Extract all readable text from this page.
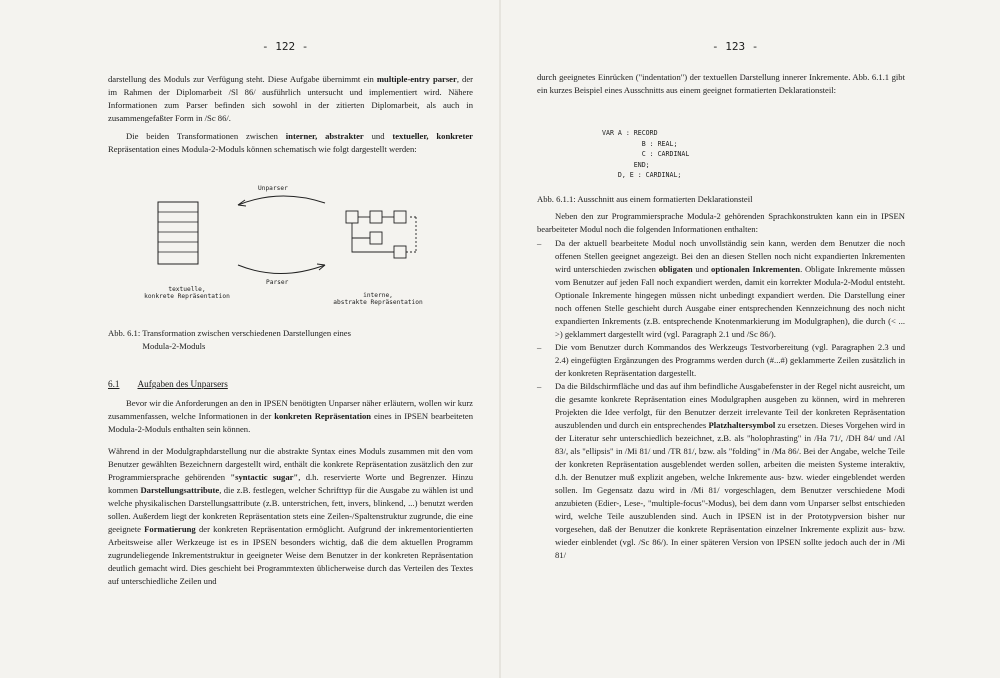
- 122 -

darstellung des Moduls zur Verfügung steht. Diese Aufgabe übernimmt ein multiple-entry parser, der im Rahmen der Diplomarbeit /Sl 86/ ausführlich untersucht und implementiert wird. Nähere Informationen zum Parser befinden sich sowohl in der zitierten Diplomarbeit, als auch in zusammengefaßter Form in /Sc 86/.

Die beiden Transformationen zwischen interner, abstrakter und textueller, konkreter Repräsentation eines Modula-2-Moduls können schematisch wie folgt dargestellt werden:

Unparser
Parser
textuelle,
konkrete Repräsentation	interne,
abstrakte Repräsentation
Abb. 6.1: Transformation zwischen verschiedenen Darstellungen eines
Modula-2-Moduls
6.1 Aufgaben des Unparsers

Bevor wir die Anforderungen an den in IPSEN benötigten Unparser näher erläutern, wollen wir kurz zusammenfassen, welche Informationen in der konkreten Repräsentation eines in IPSEN bearbeiteten Modula-2-Moduls enthalten sein können.

Während in der Modulgraphdarstellung nur die abstrakte Syntax eines Moduls zusammen mit den vom Benutzer gewählten Bezeichnern dargestellt wird, enthält die konkrete Repräsentation zusätzlich den zur Programmiersprache gehörenden "syntactic sugar", d.h. reservierte Worte und Begrenzer. Hinzu kommen Darstellungsattribute, die z.B. festlegen, welcher Schrifttyp für die Ausgabe zu wählen ist und welche physikalischen Darstellungsattribute (z.B. unterstrichen, fett, invers, blinkend, ...) benutzt werden sollen. Außerdem liegt der konkreten Repräsentation stets eine Zeilen-/Spaltenstruktur zugrunde, die eine geeignete Formatierung der konkreten Repräsentation ermöglicht. Aufgrund der inkrementorientierten Arbeitsweise aller Werkzeuge ist es in IPSEN besonders wichtig, daß die dem aktuellen Programm zugrundeliegende Inkrementstruktur in geeigneter Weise dem Benutzer in der konkreten Repräsentation deutlich gemacht wird. Dies geschieht bei Programmtexten üblicherweise durch das Verteilen des Textes auf unterschiedliche Zeilen und

- 123 -

durch geeignetes Einrücken ("indentation") der textuellen Darstellung innerer Inkremente. Abb. 6.1.1 gibt ein kurzes Beispiel eines Ausschnitts aus einem geeignet formatierten Deklarationsteil:

VAR A : RECORD
B : REAL;
C : CARDINAL
END;
D, E : CARDINAL;
Abb. 6.1.1: Ausschnitt aus einem formatierten Deklarationsteil

Neben den zur Programmiersprache Modula-2 gehörenden Sprachkonstrukten kann ein in IPSEN bearbeiteter Modul noch die folgenden Informationen enthalten:

– Da der aktuell bearbeitete Modul noch unvollständig sein kann, werden dem Benutzer die noch offenen Stellen geeignet angezeigt. Bei den an diesen Stellen noch nicht expandierten Inkrementen wird unterschieden zwischen obligaten und optionalen Inkrementen. Obligate Inkremente müssen vom Benutzer auf jeden Fall noch expandiert werden, damit ein korrekter Modula-2-Modul entsteht. Optionale Inkremente hingegen müssen nicht unbedingt expandiert werden. Die Darstellung einer noch offenen Stelle geschieht durch Ausgabe einer entsprechenden Kennzeichnung des noch nicht expandierten Inkrements (z.B. entsprechende Knotenmarkierung im Modulgraphen), die durch (< ... >) geklammert dargestellt wird (vgl. Paragraph 2.1 und /Sc 86/).
– Die vom Benutzer durch Kommandos des Werkzeugs Testvorbereitung (vgl. Paragraphen 2.3 und 2.4) eingefügten Ergänzungen des Programms werden durch (#...#) geklammerte Zeilen zusätzlich in der konkreten Repräsentation dargestellt.
– Da die Bildschirmfläche und das auf ihm befindliche Ausgabefenster in der Regel nicht ausreicht, um die gesamte konkrete Repräsentation eines Modulgraphen ausgeben zu können, wird in mehreren Projekten die Idee verfolgt, für den Benutzer derzeit irrelevante Teil der konkreten Repräsentation auszublenden und durch ein entsprechendes Platzhaltersymbol zu ersetzen. Dieses Vorgehen wird in der Literatur sehr unterschiedlich bezeichnet, z.B. als "holophrasting" in /Ha 71/, /DH 84/ und /Al 83/, als "ellipsis" in /Mi 81/ und /TR 81/, bzw. als "folding" in /Ma 86/. Bei der Angabe, welche Teile der konkreten Repräsentation ausgeblendet werden sollen, arbeiten die meisten Systeme interaktiv, d.h. der Benutzer muß explizit angeben, welche Inkremente aus- bzw. wieder eingeblendet werden sollen. Im Gegensatz dazu wird in /Mi 81/ vorgeschlagen, dem Benutzer verschiedene Modi anzubieten (Edier-, Lese-, "multiple-focus"-Modus), bei dem dann vom Unparser selbst entschieden wird, welche Teile auszublenden sind. Auch in IPSEN ist in der Prototypversion bisher nur vorgesehen, daß der Benutzer die konkrete Repräsentation einzelner Inkremente explizit aus- bzw. wieder einblendet (vgl. /Sc 86/). In einer späteren Version von IPSEN sollte jedoch auch der in /Mi 81/
